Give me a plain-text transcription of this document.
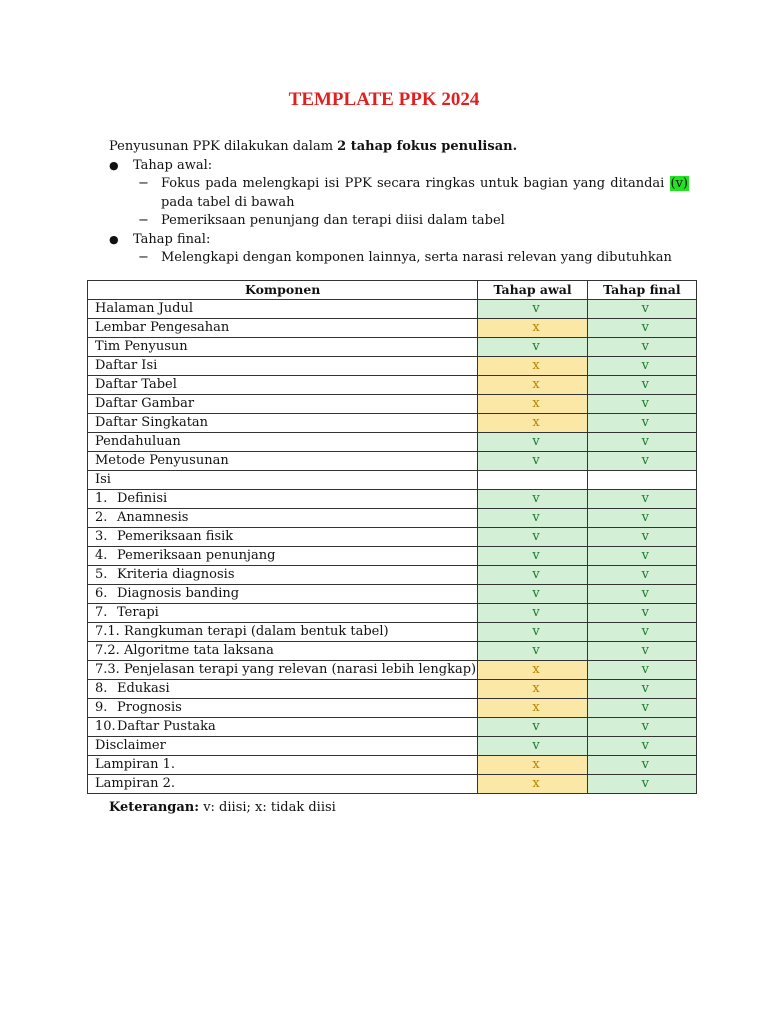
TEMPLATE PPK 2024
Penyusunan PPK dilakukan dalam 2 tahap fokus penulisan.
● Tahap awal:
− Fokus pada melengkapi isi PPK secara ringkas untuk bagian yang ditandai (v) pada tabel di bawah
− Pemeriksaan penunjang dan terapi diisi dalam tabel
● Tahap final:
− Melengkapi dengan komponen lainnya, serta narasi relevan yang dibutuhkan
Komponen	Tahap awal	Tahap final
Halaman Judul	v	v
Lembar Pengesahan	x	v
Tim Penyusun	v	v
Daftar Isi	x	v
Daftar Tabel	x	v
Daftar Gambar	x	v
Daftar Singkatan	x	v
Pendahuluan	v	v
Metode Penyusunan	v	v
Isi		
1. Definisi	v	v
2. Anamnesis	v	v
3. Pemeriksaan fisik	v	v
4. Pemeriksaan penunjang	v	v
5. Kriteria diagnosis	v	v
6. Diagnosis banding	v	v
7. Terapi	v	v
7.1. Rangkuman terapi (dalam bentuk tabel)	v	v
7.2. Algoritme tata laksana	v	v
7.3. Penjelasan terapi yang relevan (narasi lebih lengkap)	x	v
8. Edukasi	x	v
9. Prognosis	x	v
10.Daftar Pustaka	v	v
Disclaimer	v	v
Lampiran 1.	x	v
Lampiran 2.	x	v
Keterangan: v: diisi; x: tidak diisi
